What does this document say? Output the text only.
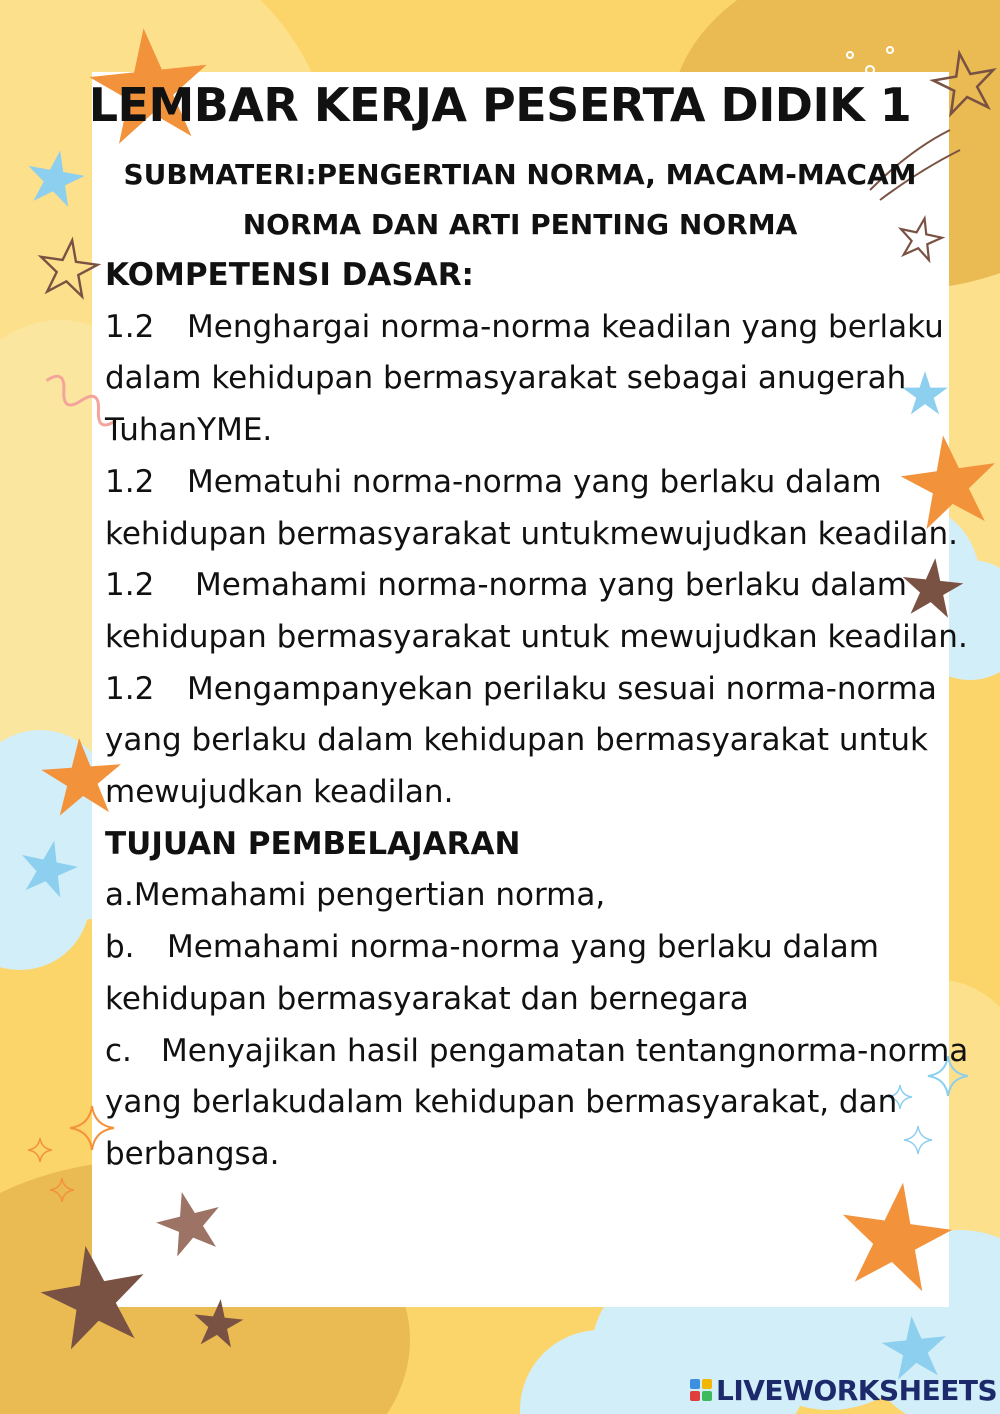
LEMBAR KERJA PESERTA DIDIK 1
SUBMATERI:PENGERTIAN NORMA, MACAM-MACAM NORMA DAN ARTI PENTING NORMA

KOMPETENSI DASAR:

1.2 Menghargai norma-norma keadilan yang berlaku dalam kehidupan bermasyarakat sebagai anugerah TuhanYME.

1.2 Mematuhi norma-norma yang berlaku dalam kehidupan bermasyarakat untukmewujudkan keadilan.

1.2 Memahami norma-norma yang berlaku dalam kehidupan bermasyarakat untuk mewujudkan keadilan.

1.2 Mengampanyekan perilaku sesuai norma-norma yang berlaku dalam kehidupan bermasyarakat untuk mewujudkan keadilan.

TUJUAN PEMBELAJARAN

a.Memahami pengertian norma,

b. Memahami norma-norma yang berlaku dalam kehidupan bermasyarakat dan bernegara

c. Menyajikan hasil pengamatan tentangnorma-norma yang berlakudalam kehidupan bermasyarakat, dan berbangsa.

LIVEWORKSHEETS
